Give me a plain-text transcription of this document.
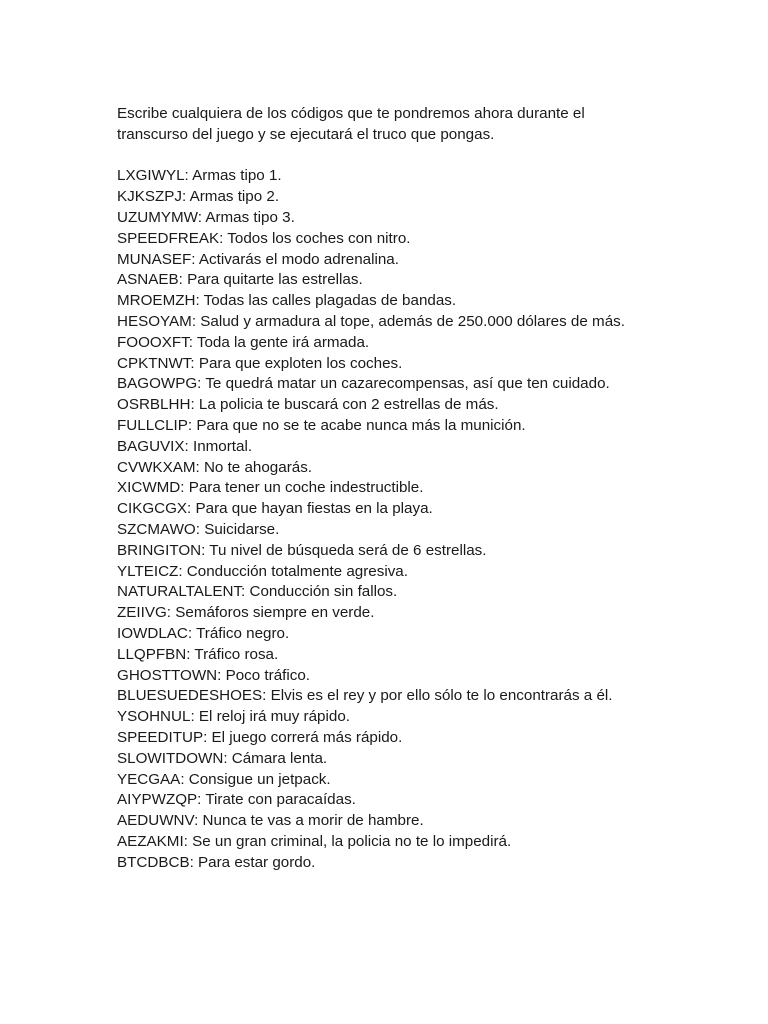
Escribe cualquiera de los códigos que te pondremos ahora durante el
transcurso del juego y se ejecutará el truco que pongas.

LXGIWYL: Armas tipo 1.
KJKSZPJ: Armas tipo 2.
UZUMYMW: Armas tipo 3.
SPEEDFREAK: Todos los coches con nitro.
MUNASEF: Activarás el modo adrenalina.
ASNAEB: Para quitarte las estrellas.
MROEMZH: Todas las calles plagadas de bandas.
HESOYAM: Salud y armadura al tope, además de 250.000 dólares de más.
FOOOXFT: Toda la gente irá armada.
CPKTNWT: Para que exploten los coches.
BAGOWPG: Te quedrá matar un cazarecompensas, así que ten cuidado.
OSRBLHH: La policia te buscará con 2 estrellas de más.
FULLCLIP: Para que no se te acabe nunca más la munición.
BAGUVIX: Inmortal.
CVWKXAM: No te ahogarás.
XICWMD: Para tener un coche indestructible.
CIKGCGX: Para que hayan fiestas en la playa.
SZCMAWO: Suicidarse.
BRINGITON: Tu nivel de búsqueda será de 6 estrellas.
YLTEICZ: Conducción totalmente agresiva.
NATURALTALENT: Conducción sin fallos.
ZEIIVG: Semáforos siempre en verde.
IOWDLAC: Tráfico negro.
LLQPFBN: Tráfico rosa.
GHOSTTOWN: Poco tráfico.
BLUESUEDESHOES: Elvis es el rey y por ello sólo te lo encontrarás a él.
YSOHNUL: El reloj irá muy rápido.
SPEEDITUP: El juego correrá más rápido.
SLOWITDOWN: Cámara lenta.
YECGAA: Consigue un jetpack.
AIYPWZQP: Tirate con paracaídas.
AEDUWNV: Nunca te vas a morir de hambre.
AEZAKMI: Se un gran criminal, la policia no te lo impedirá.
BTCDBCB: Para estar gordo.
